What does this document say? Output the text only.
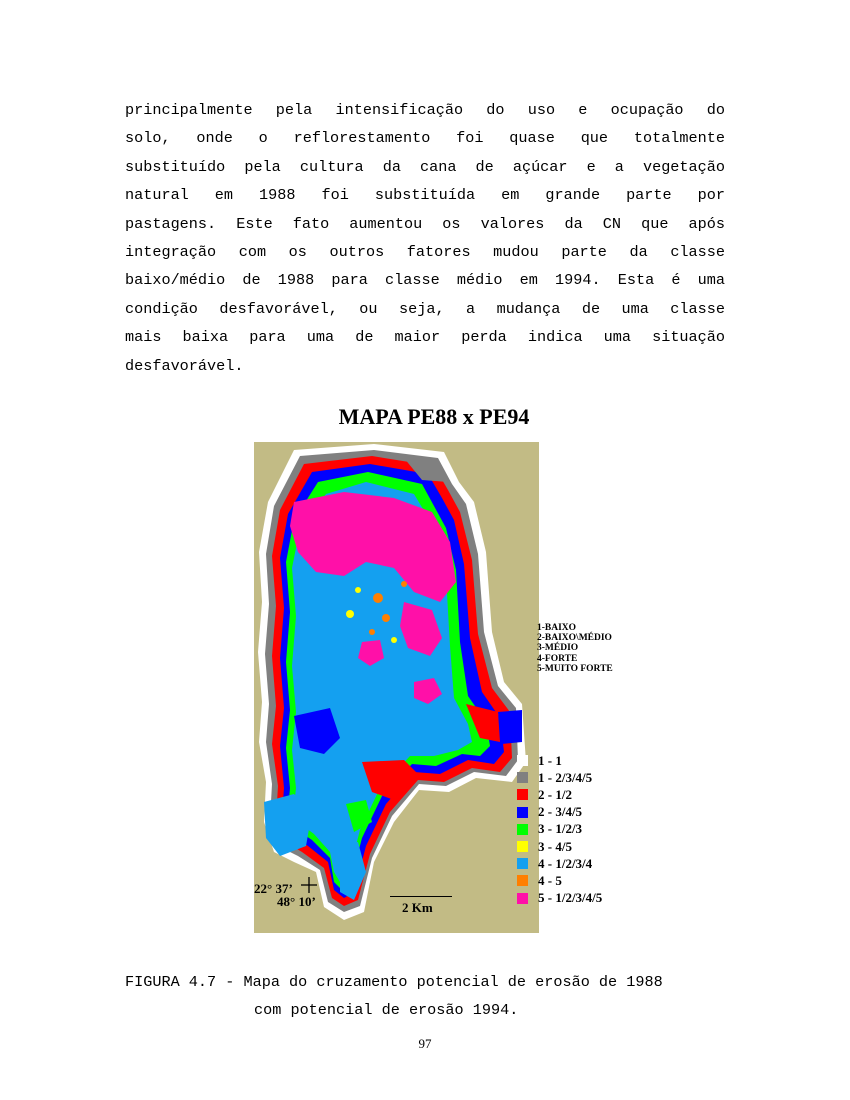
principalmente pela intensificação do uso e ocupação do
solo, onde o reflorestamento foi quase que totalmente
substituído pela cultura da cana de açúcar e a vegetação
natural em 1988 foi substituída em grande parte por
pastagens. Este fato aumentou os valores da CN que após
integração com os outros fatores mudou parte da classe
baixo/médio de 1988 para classe médio em 1994. Esta é uma
condição desfavorável, ou seja, a mudança de uma classe
mais baixa para uma de maior perda indica uma situação
desfavorável.
MAPA PE88 x PE94
1-BAIXO
2-BAIXO\MÉDIO
3-MÉDIO
4-FORTE
5-MUITO FORTE
1 - 1
1 - 2/3/4/5
2 - 1/2
2 - 3/4/5
3 - 1/2/3
3 - 4/5
4 - 1/2/3/4
4 - 5
5 - 1/2/3/4/5
22° 37’
48° 10’	2 Km
FIGURA 4.7 - Mapa do cruzamento potencial de erosão de 1988
com potencial de erosão 1994.
97
